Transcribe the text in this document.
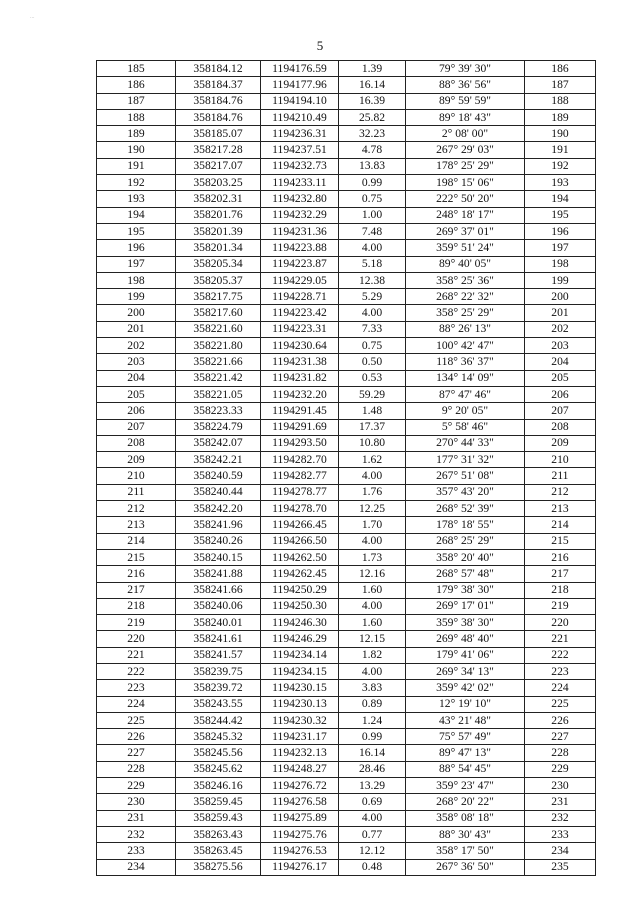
...
5
185	358184.12	1194176.59	1.39	79° 39' 30"	186
186	358184.37	1194177.96	16.14	88° 36' 56"	187
187	358184.76	1194194.10	16.39	89° 59' 59"	188
188	358184.76	1194210.49	25.82	89° 18' 43"	189
189	358185.07	1194236.31	32.23	2° 08' 00"	190
190	358217.28	1194237.51	4.78	267° 29' 03"	191
191	358217.07	1194232.73	13.83	178° 25' 29"	192
192	358203.25	1194233.11	0.99	198° 15' 06"	193
193	358202.31	1194232.80	0.75	222° 50' 20"	194
194	358201.76	1194232.29	1.00	248° 18' 17"	195
195	358201.39	1194231.36	7.48	269° 37' 01"	196
196	358201.34	1194223.88	4.00	359° 51' 24"	197
197	358205.34	1194223.87	5.18	89° 40' 05"	198
198	358205.37	1194229.05	12.38	358° 25' 36"	199
199	358217.75	1194228.71	5.29	268° 22' 32"	200
200	358217.60	1194223.42	4.00	358° 25' 29"	201
201	358221.60	1194223.31	7.33	88° 26' 13"	202
202	358221.80	1194230.64	0.75	100° 42' 47"	203
203	358221.66	1194231.38	0.50	118° 36' 37"	204
204	358221.42	1194231.82	0.53	134° 14' 09"	205
205	358221.05	1194232.20	59.29	87° 47' 46"	206
206	358223.33	1194291.45	1.48	9° 20' 05"	207
207	358224.79	1194291.69	17.37	5° 58' 46"	208
208	358242.07	1194293.50	10.80	270° 44' 33"	209
209	358242.21	1194282.70	1.62	177° 31' 32"	210
210	358240.59	1194282.77	4.00	267° 51' 08"	211
211	358240.44	1194278.77	1.76	357° 43' 20"	212
212	358242.20	1194278.70	12.25	268° 52' 39"	213
213	358241.96	1194266.45	1.70	178° 18' 55"	214
214	358240.26	1194266.50	4.00	268° 25' 29"	215
215	358240.15	1194262.50	1.73	358° 20' 40"	216
216	358241.88	1194262.45	12.16	268° 57' 48"	217
217	358241.66	1194250.29	1.60	179° 38' 30"	218
218	358240.06	1194250.30	4.00	269° 17' 01"	219
219	358240.01	1194246.30	1.60	359° 38' 30"	220
220	358241.61	1194246.29	12.15	269° 48' 40"	221
221	358241.57	1194234.14	1.82	179° 41' 06"	222
222	358239.75	1194234.15	4.00	269° 34' 13"	223
223	358239.72	1194230.15	3.83	359° 42' 02"	224
224	358243.55	1194230.13	0.89	12° 19' 10"	225
225	358244.42	1194230.32	1.24	43° 21' 48"	226
226	358245.32	1194231.17	0.99	75° 57' 49"	227
227	358245.56	1194232.13	16.14	89° 47' 13"	228
228	358245.62	1194248.27	28.46	88° 54' 45"	229
229	358246.16	1194276.72	13.29	359° 23' 47"	230
230	358259.45	1194276.58	0.69	268° 20' 22"	231
231	358259.43	1194275.89	4.00	358° 08' 18"	232
232	358263.43	1194275.76	0.77	88° 30' 43"	233
233	358263.45	1194276.53	12.12	358° 17' 50"	234
234	358275.56	1194276.17	0.48	267° 36' 50"	235
